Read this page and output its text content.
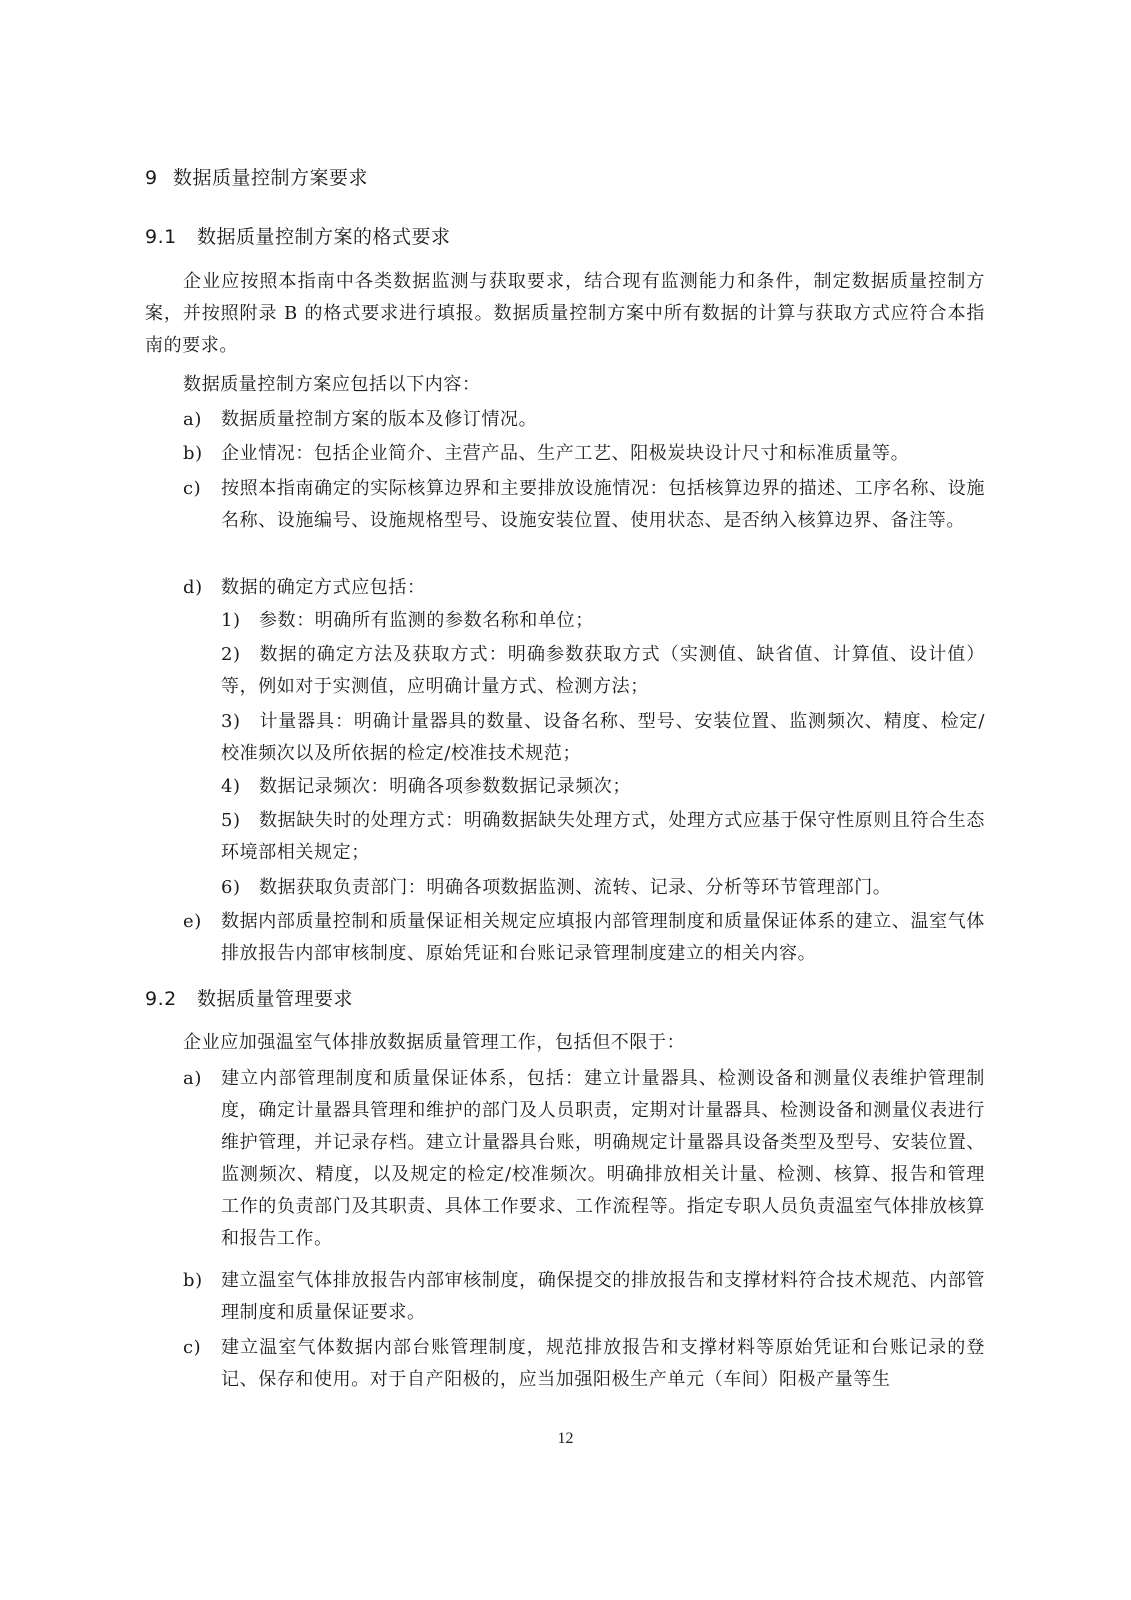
9 数据质量控制方案要求
9.1 数据质量控制方案的格式要求

企业应按照本指南中各类数据监测与获取要求，结合现有监测能力和条件，制定数据质量控制方案，并按照附录 B 的格式要求进行填报。数据质量控制方案中所有数据的计算与获取方式应符合本指南的要求。

数据质量控制方案应包括以下内容：

a) 数据质量控制方案的版本及修订情况。
b) 企业情况：包括企业简介、主营产品、生产工艺、阳极炭块设计尺寸和标准质量等。
c) 按照本指南确定的实际核算边界和主要排放设施情况：包括核算边界的描述、工序名称、设施名称、设施编号、设施规格型号、设施安装位置、使用状态、是否纳入核算边界、备注等。
d) 数据的确定方式应包括：
1) 参数：明确所有监测的参数名称和单位；
2) 数据的确定方法及获取方式：明确参数获取方式（实测值、缺省值、计算值、设计值）等，例如对于实测值，应明确计量方式、检测方法；
3) 计量器具：明确计量器具的数量、设备名称、型号、安装位置、监测频次、精度、检定/校准频次以及所依据的检定/校准技术规范；
4) 数据记录频次：明确各项参数数据记录频次；
5) 数据缺失时的处理方式：明确数据缺失处理方式，处理方式应基于保守性原则且符合生态环境部相关规定；
6) 数据获取负责部门：明确各项数据监测、流转、记录、分析等环节管理部门。
e) 数据内部质量控制和质量保证相关规定应填报内部管理制度和质量保证体系的建立、温室气体排放报告内部审核制度、原始凭证和台账记录管理制度建立的相关内容。
9.2 数据质量管理要求

企业应加强温室气体排放数据质量管理工作，包括但不限于：

a) 建立内部管理制度和质量保证体系，包括：建立计量器具、检测设备和测量仪表维护管理制度，确定计量器具管理和维护的部门及人员职责，定期对计量器具、检测设备和测量仪表进行维护管理，并记录存档。建立计量器具台账，明确规定计量器具设备类型及型号、安装位置、监测频次、精度，以及规定的检定/校准频次。明确排放相关计量、检测、核算、报告和管理工作的负责部门及其职责、具体工作要求、工作流程等。指定专职人员负责温室气体排放核算和报告工作。
b) 建立温室气体排放报告内部审核制度，确保提交的排放报告和支撑材料符合技术规范、内部管理制度和质量保证要求。
c) 建立温室气体数据内部台账管理制度，规范排放报告和支撑材料等原始凭证和台账记录的登记、保存和使用。对于自产阳极的，应当加强阳极生产单元（车间）阳极产量等生
12
